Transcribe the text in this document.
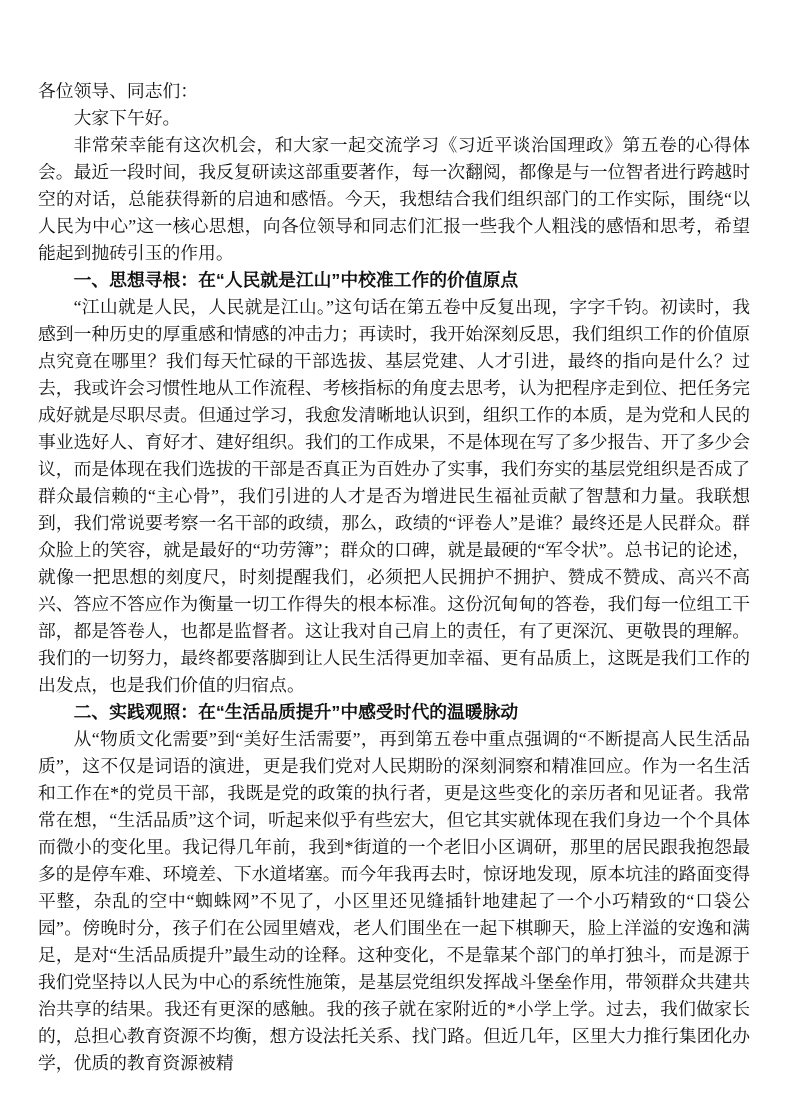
各位领导、同志们：

大家下午好。

非常荣幸能有这次机会，和大家一起交流学习《习近平谈治国理政》第五卷的心得体会。最近一段时间，我反复研读这部重要著作，每一次翻阅，都像是与一位智者进行跨越时空的对话，总能获得新的启迪和感悟。今天，我想结合我们组织部门的工作实际，围绕“以人民为中心”这一核心思想，向各位领导和同志们汇报一些我个人粗浅的感悟和思考，希望能起到抛砖引玉的作用。

一、思想寻根：在“人民就是江山”中校准工作的价值原点

“江山就是人民，人民就是江山。”这句话在第五卷中反复出现，字字千钧。初读时，我感到一种历史的厚重感和情感的冲击力；再读时，我开始深刻反思，我们组织工作的价值原点究竟在哪里？我们每天忙碌的干部选拔、基层党建、人才引进，最终的指向是什么？过去，我或许会习惯性地从工作流程、考核指标的角度去思考，认为把程序走到位、把任务完成好就是尽职尽责。但通过学习，我愈发清晰地认识到，组织工作的本质，是为党和人民的事业选好人、育好才、建好组织。我们的工作成果，不是体现在写了多少报告、开了多少会议，而是体现在我们选拔的干部是否真正为百姓办了实事，我们夯实的基层党组织是否成了群众最信赖的“主心骨”，我们引进的人才是否为增进民生福祉贡献了智慧和力量。我联想到，我们常说要考察一名干部的政绩，那么，政绩的“评卷人”是谁？最终还是人民群众。群众脸上的笑容，就是最好的“功劳簿”；群众的口碑，就是最硬的“军令状”。总书记的论述，就像一把思想的刻度尺，时刻提醒我们，必须把人民拥护不拥护、赞成不赞成、高兴不高兴、答应不答应作为衡量一切工作得失的根本标准。这份沉甸甸的答卷，我们每一位组工干部，都是答卷人，也都是监督者。这让我对自己肩上的责任，有了更深沉、更敬畏的理解。我们的一切努力，最终都要落脚到让人民生活得更加幸福、更有品质上，这既是我们工作的出发点，也是我们价值的归宿点。

二、实践观照：在“生活品质提升”中感受时代的温暖脉动

从“物质文化需要”到“美好生活需要”，再到第五卷中重点强调的“不断提高人民生活品质”，这不仅是词语的演进，更是我们党对人民期盼的深刻洞察和精准回应。作为一名生活和工作在*的党员干部，我既是党的政策的执行者，更是这些变化的亲历者和见证者。我常常在想，“生活品质”这个词，听起来似乎有些宏大，但它其实就体现在我们身边一个个具体而微小的变化里。我记得几年前，我到*街道的一个老旧小区调研，那里的居民跟我抱怨最多的是停车难、环境差、下水道堵塞。而今年我再去时，惊讶地发现，原本坑洼的路面变得平整，杂乱的空中“蜘蛛网”不见了，小区里还见缝插针地建起了一个小巧精致的“口袋公园”。傍晚时分，孩子们在公园里嬉戏，老人们围坐在一起下棋聊天，脸上洋溢的安逸和满足，是对“生活品质提升”最生动的诠释。这种变化，不是靠某个部门的单打独斗，而是源于我们党坚持以人民为中心的系统性施策，是基层党组织发挥战斗堡垒作用，带领群众共建共治共享的结果。我还有更深的感触。我的孩子就在家附近的*小学上学。过去，我们做家长的，总担心教育资源不均衡，想方设法托关系、找门路。但近几年，区里大力推行集团化办学，优质的教育资源被精
